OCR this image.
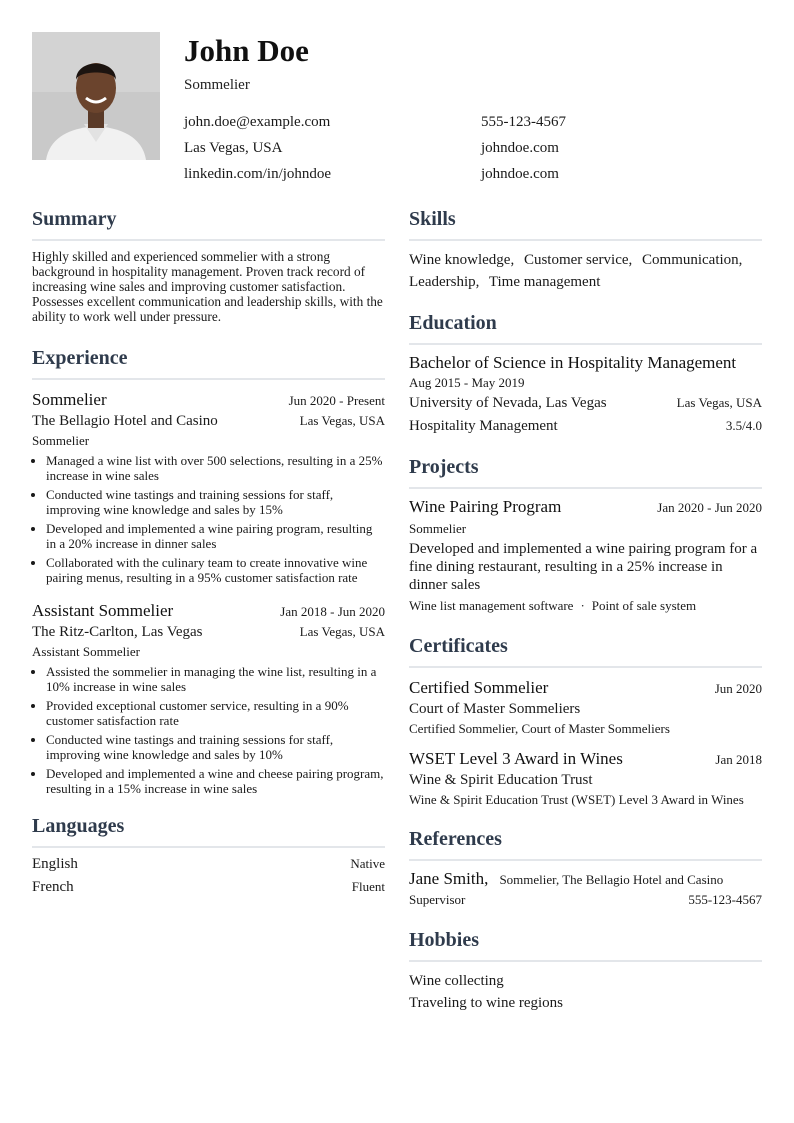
John Doe
Sommelier
john.doe@example.com	555-123-4567
Las Vegas, USA	johndoe.com
linkedin.com/in/johndoe	johndoe.com
Summary
Highly skilled and experienced sommelier with a strong background in hospitality management. Proven track record of increasing wine sales and improving customer satisfaction. Possesses excellent communication and leadership skills, with the ability to work well under pressure.
Experience
Sommelier	Jun 2020 - Present
The Bellagio Hotel and Casino	Las Vegas, USA
Sommelier
• Managed a wine list with over 500 selections, resulting in a 25% increase in wine sales
• Conducted wine tastings and training sessions for staff, improving wine knowledge and sales by 15%
• Developed and implemented a wine pairing program, resulting in a 20% increase in dinner sales
• Collaborated with the culinary team to create innovative wine pairing menus, resulting in a 95% customer satisfaction rate
Assistant Sommelier	Jan 2018 - Jun 2020
The Ritz-Carlton, Las Vegas	Las Vegas, USA
Assistant Sommelier
• Assisted the sommelier in managing the wine list, resulting in a 10% increase in wine sales
• Provided exceptional customer service, resulting in a 90% customer satisfaction rate
• Conducted wine tastings and training sessions for staff, improving wine knowledge and sales by 10%
• Developed and implemented a wine and cheese pairing program, resulting in a 15% increase in wine sales
Languages
English	Native
French	Fluent
Skills
Wine knowledge, Customer service, Communication, Leadership, Time management
Education
Bachelor of Science in Hospitality Management
Aug 2015 - May 2019
University of Nevada, Las Vegas	Las Vegas, USA
Hospitality Management	3.5/4.0
Projects
Wine Pairing Program	Jan 2020 - Jun 2020
Sommelier
Developed and implemented a wine pairing program for a fine dining restaurant, resulting in a 25% increase in dinner sales
Wine list management software · Point of sale system
Certificates
Certified Sommelier	Jun 2020
Court of Master Sommeliers
Certified Sommelier, Court of Master Sommeliers
WSET Level 3 Award in Wines	Jan 2018
Wine & Spirit Education Trust
Wine & Spirit Education Trust (WSET) Level 3 Award in Wines
References
Jane Smith, Sommelier, The Bellagio Hotel and Casino
Supervisor	555-123-4567
Hobbies
Wine collecting
Traveling to wine regions
